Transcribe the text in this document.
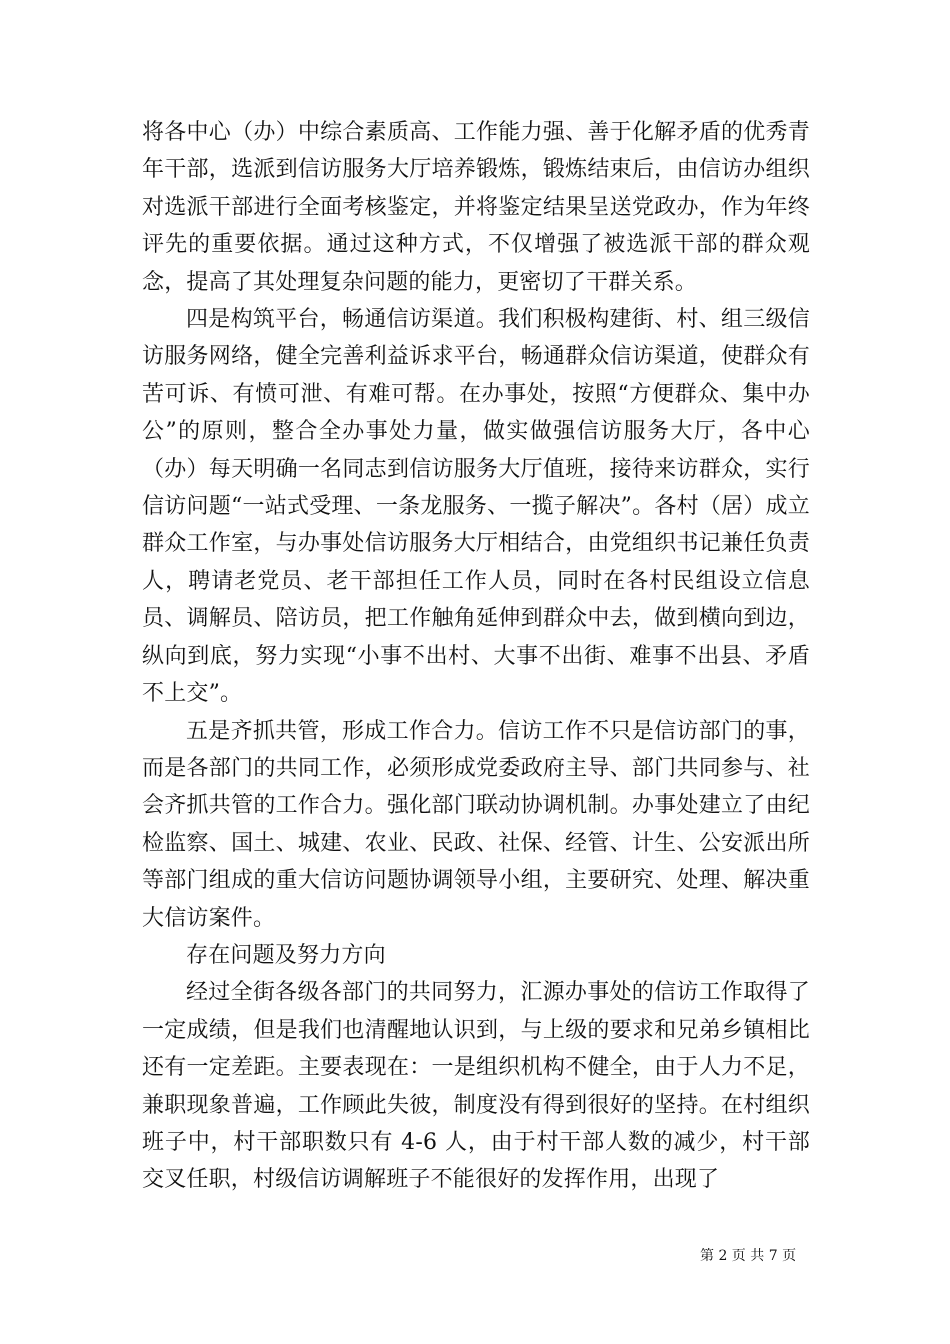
将各中心（办）中综合素质高、工作能力强、善于化解矛盾的优秀青年干部，选派到信访服务大厅培养锻炼，锻炼结束后，由信访办组织对选派干部进行全面考核鉴定，并将鉴定结果呈送党政办，作为年终评先的重要依据。通过这种方式，不仅增强了被选派干部的群众观念，提高了其处理复杂问题的能力，更密切了干群关系。

四是构筑平台，畅通信访渠道。我们积极构建街、村、组三级信访服务网络，健全完善利益诉求平台，畅通群众信访渠道，使群众有苦可诉、有愤可泄、有难可帮。在办事处，按照“方便群众、集中办公”的原则，整合全办事处力量，做实做强信访服务大厅，各中心（办）每天明确一名同志到信访服务大厅值班，接待来访群众，实行信访问题“一站式受理、一条龙服务、一揽子解决”。各村（居）成立群众工作室，与办事处信访服务大厅相结合，由党组织书记兼任负责人，聘请老党员、老干部担任工作人员，同时在各村民组设立信息员、调解员、陪访员，把工作触角延伸到群众中去，做到横向到边，纵向到底，努力实现“小事不出村、大事不出街、难事不出县、矛盾不上交”。

五是齐抓共管，形成工作合力。信访工作不只是信访部门的事，而是各部门的共同工作，必须形成党委政府主导、部门共同参与、社会齐抓共管的工作合力。强化部门联动协调机制。办事处建立了由纪检监察、国土、城建、农业、民政、社保、经管、计生、公安派出所等部门组成的重大信访问题协调领导小组，主要研究、处理、解决重大信访案件。

存在问题及努力方向

经过全街各级各部门的共同努力，汇源办事处的信访工作取得了一定成绩，但是我们也清醒地认识到，与上级的要求和兄弟乡镇相比还有一定差距。主要表现在：一是组织机构不健全，由于人力不足，兼职现象普遍，工作顾此失彼，制度没有得到很好的坚持。在村组织班子中，村干部职数只有 4-6 人，由于村干部人数的减少，村干部交叉任职，村级信访调解班子不能很好的发挥作用，出现了

第 2 页 共 7 页
